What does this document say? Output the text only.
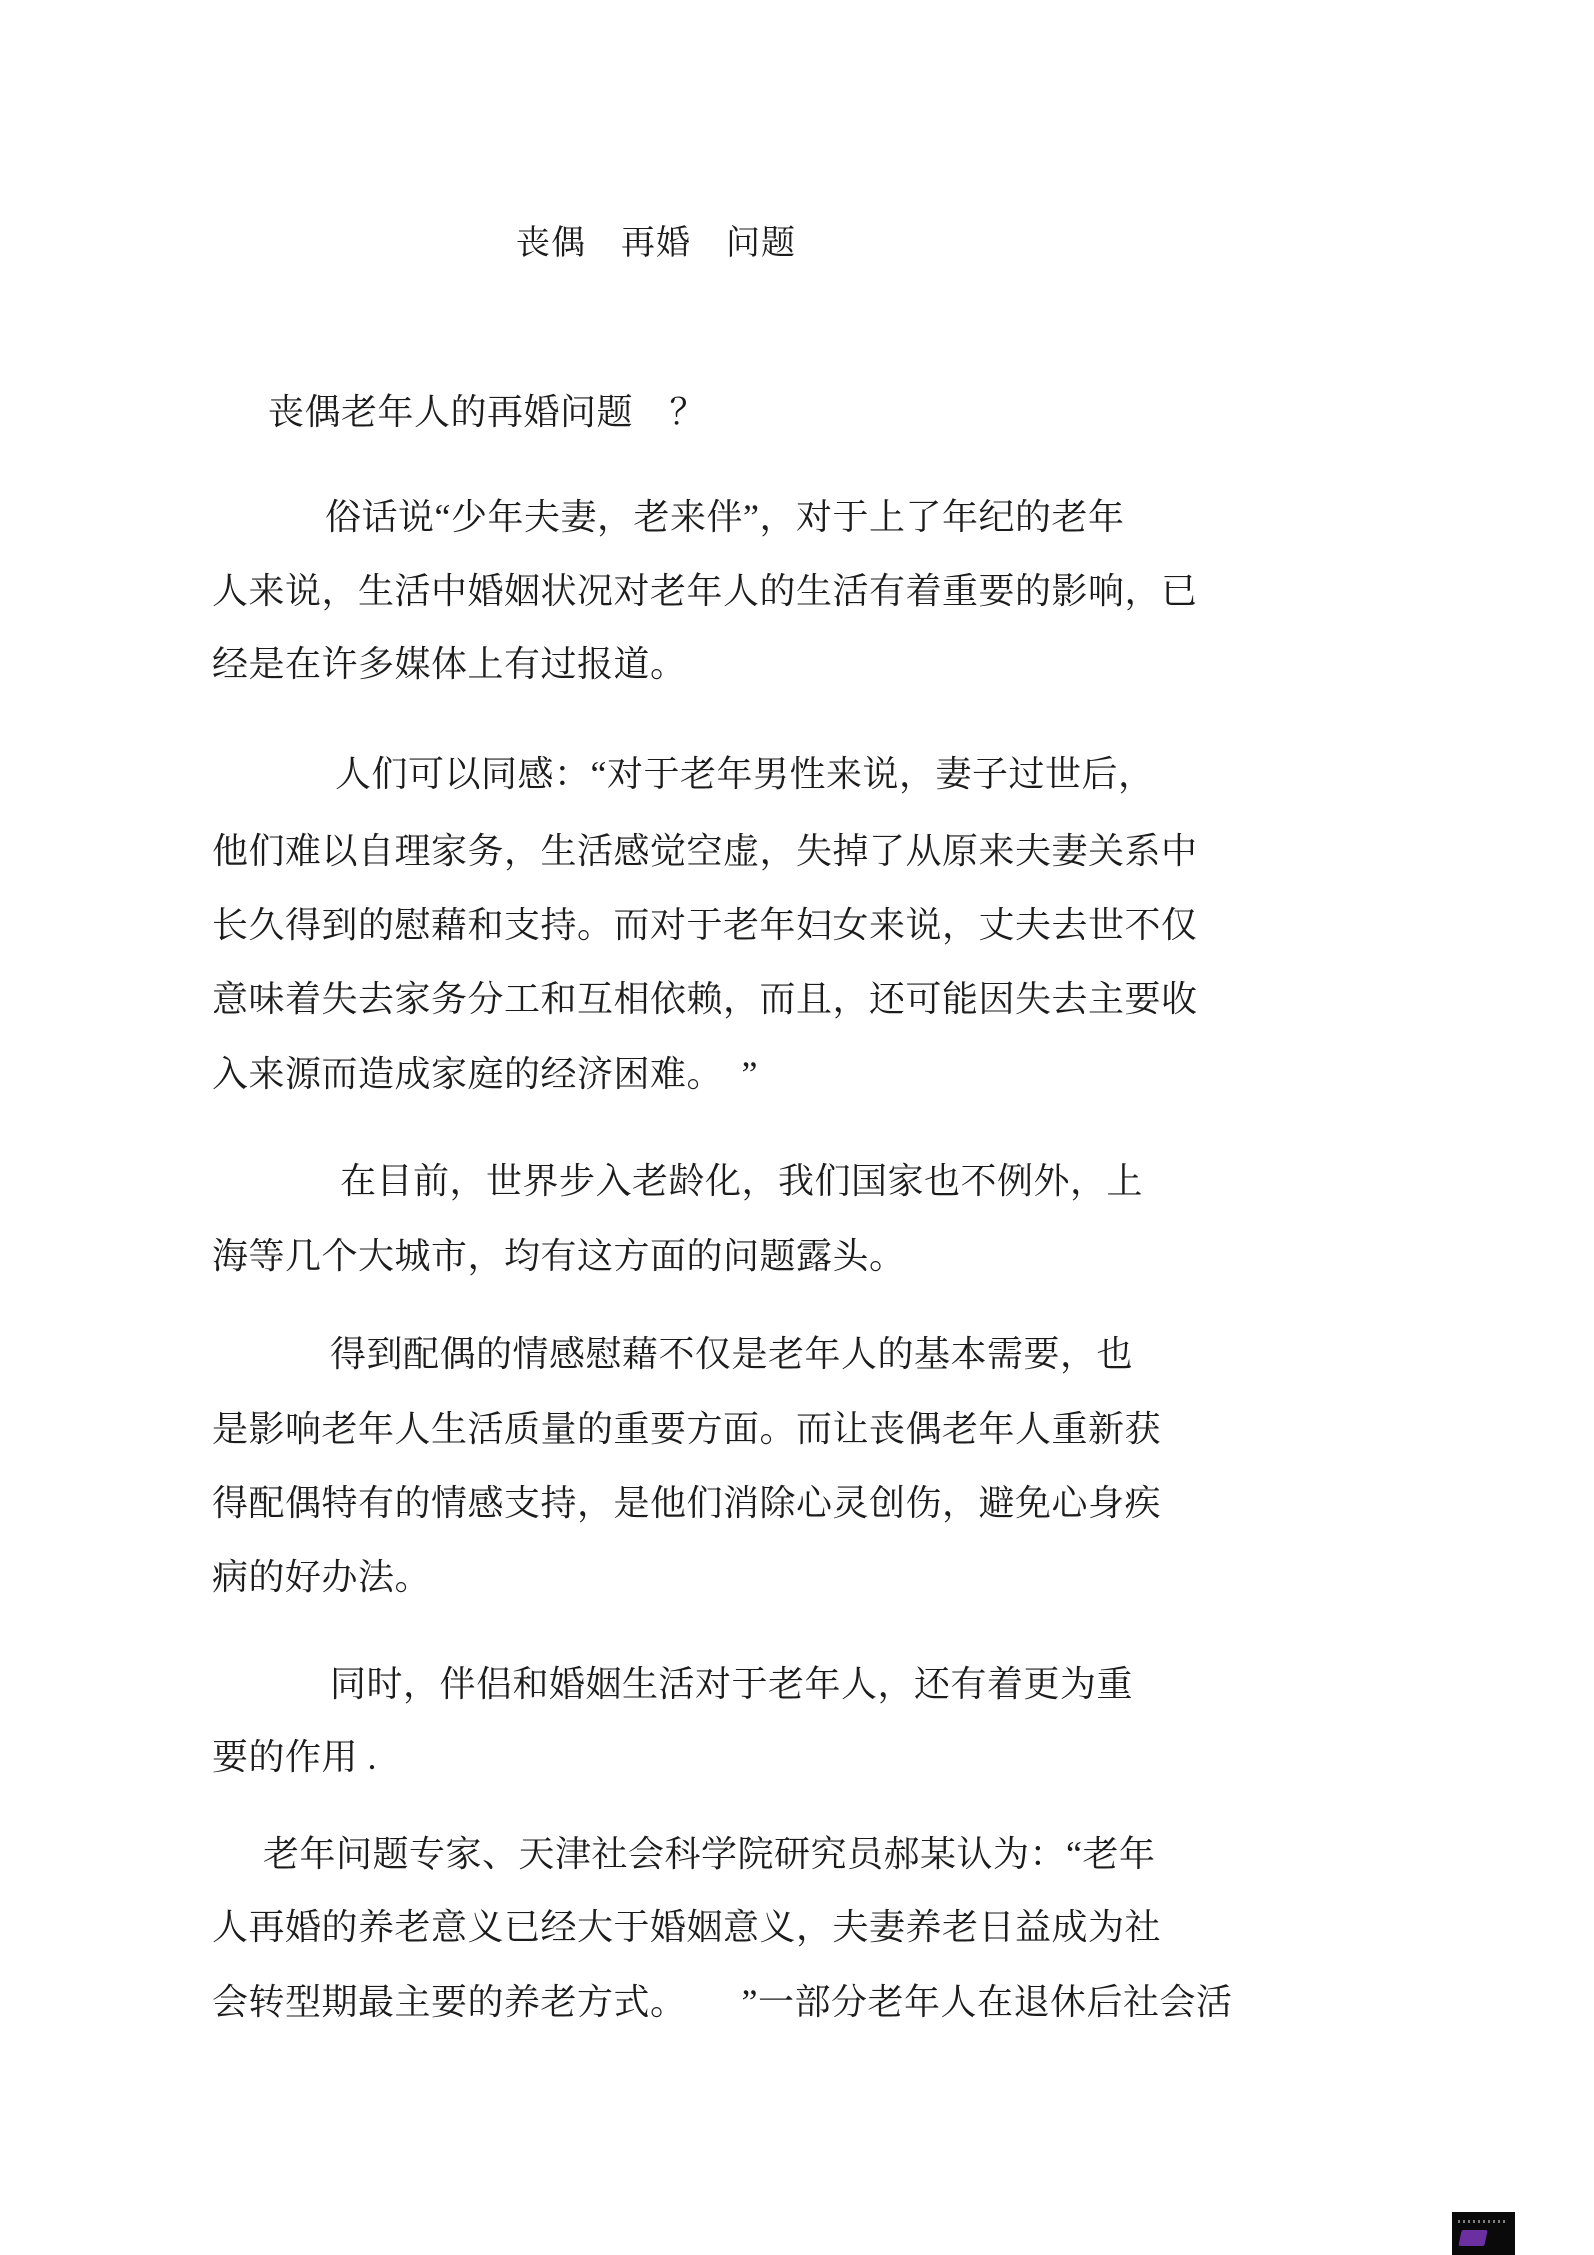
丧偶　再婚　问题
丧偶老年人的再婚问题　？
俗话说“少年夫妻，老来伴”，对于上了年纪的老年
人来说，生活中婚姻状况对老年人的生活有着重要的影响，已
经是在许多媒体上有过报道。
人们可以同感：“对于老年男性来说，妻子过世后，
他们难以自理家务，生活感觉空虚，失掉了从原来夫妻关系中
长久得到的慰藉和支持。而对于老年妇女来说，丈夫去世不仅
意味着失去家务分工和互相依赖，而且，还可能因失去主要收
入来源而造成家庭的经济困难。　”
在目前，世界步入老龄化，我们国家也不例外，上
海等几个大城市，均有这方面的问题露头。
得到配偶的情感慰藉不仅是老年人的基本需要，也
是影响老年人生活质量的重要方面。而让丧偶老年人重新获
得配偶特有的情感支持，是他们消除心灵创伤，避免心身疾
病的好办法。
同时，伴侣和婚姻生活对于老年人，还有着更为重
要的作用 .
老年问题专家、天津社会科学院研究员郝某认为：“老年
人再婚的养老意义已经大于婚姻意义，夫妻养老日益成为社
会转型期最主要的养老方式。　　”一部分老年人在退休后社会活
